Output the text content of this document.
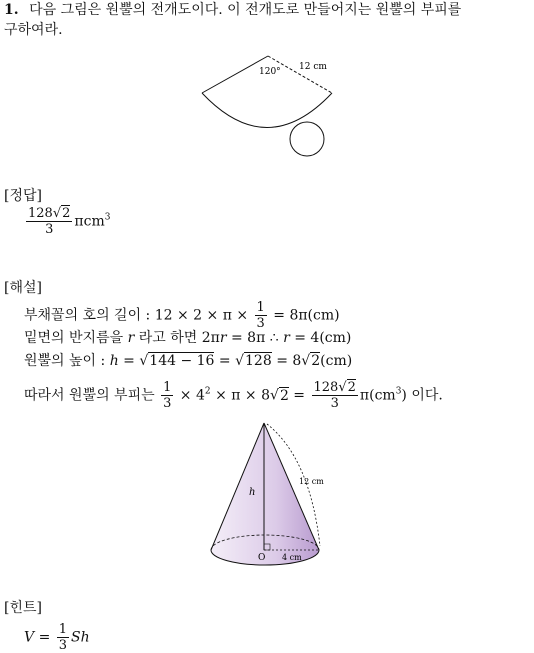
1. 다음 그림은 원뿔의 전개도이다. 이 전개도로 만들어지는 원뿔의 부피를
구하여라.
120° 12 cm
[정답]
$\frac{128√2}{3} \pi cm^3$
[해설]
부채꼴의 호의 길이 : $12 \times 2 \times \pi \times \frac{1}{3} = 8\pi(cm)$
밑면의 반지름을 r 라고 하면 2πr = 8π ∴ r = 4(cm)
원뿔의 높이 : h = √144 − 16 = √128 = 8√2(cm)
따라서 원뿔의 부피는 $\frac{1}{3} \times 4^2 \times \pi \times 8√2 = \frac{128√2}{3} \pi(cm^3)$ 이다.
h
12 cm
O 4 cm
[힌트]
$V = \frac{1}{3}$ Sh
